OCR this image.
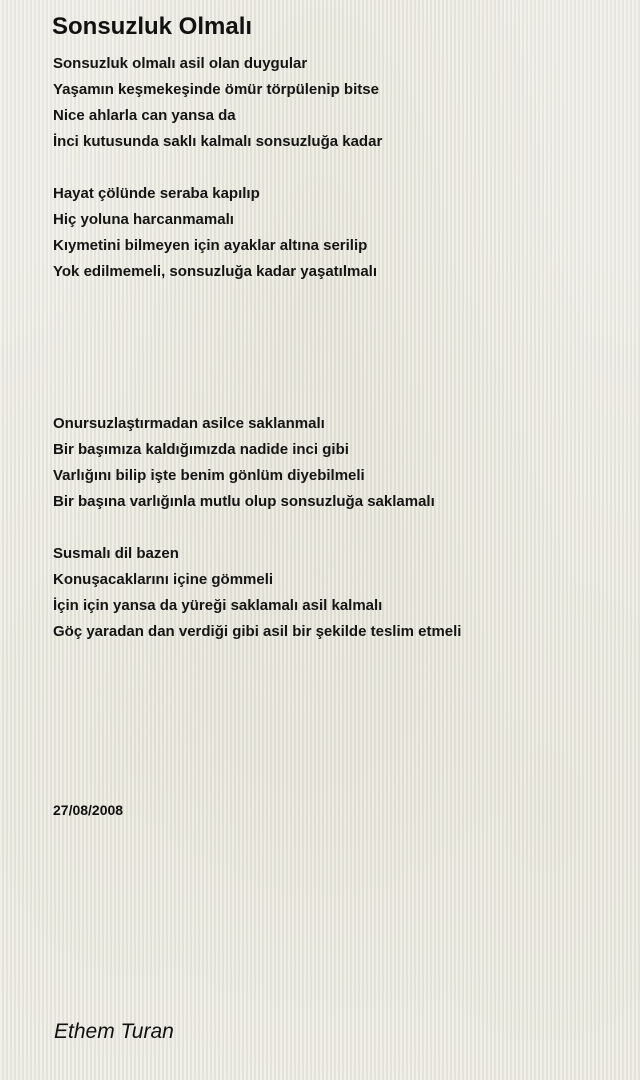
Sonsuzluk Olmalı
Sonsuzluk olmalı asil olan duygular
Yaşamın keşmekeşinde ömür törpülenip bitse
Nice ahlarla can yansa da
İnci kutusunda saklı kalmalı sonsuzluğa kadar
Hayat çölünde seraba kapılıp
Hiç yoluna harcanmamalı
Kıymetini bilmeyen için ayaklar altına serilip
Yok edilmemeli, sonsuzluğa kadar yaşatılmalı
Onursuzlaştırmadan asilce saklanmalı
Bir başımıza kaldığımızda nadide inci gibi
Varlığını bilip işte benim gönlüm diyebilmeli
Bir başına varlığınla mutlu olup sonsuzluğa saklamalı
Susmalı dil bazen
Konuşacaklarını içine gömmeli
İçin için yansa da yüreği saklamalı asil kalmalı
Göç yaradan dan verdiği gibi asil bir şekilde teslim etmeli
27/08/2008
Ethem Turan
